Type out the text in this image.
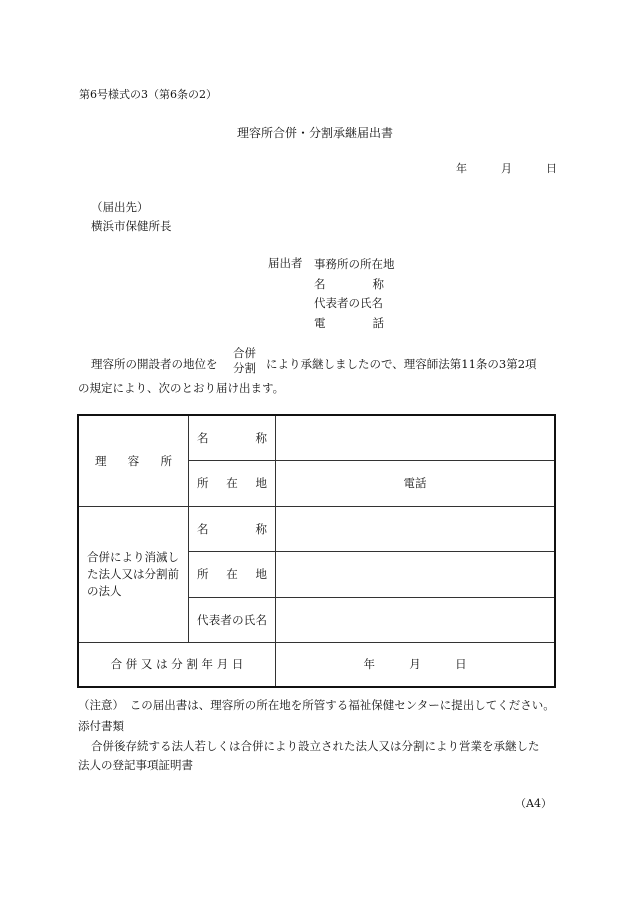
第6号様式の3（第6条の2）
理容所合併・分割承継届出書
年	月	日
（届出先）
横浜市保健所長
届出者 事務所の所在地
名　　称
代表者の氏名
電　　話
理容所の開設者の地位を
合併
分割 により承継しましたので、理容師法第11条の3第2項
の規定により、次のとおり届け出ます。
理　容　所	名　　称	

	所　在　地	電話

合併により消滅した法人又は分割前の法人	名　　称	

	所　在　地	

	代表者の氏名	

合 併 又 は 分 割 年 月 日		年 月 日
（注意）　この届出書は、理容所の所在地を所管する福祉保健センターに提出してください。
添付書類
合併後存続する法人若しくは合併により設立された法人又は分割により営業を承継した
法人の登記事項証明書
（A4）
